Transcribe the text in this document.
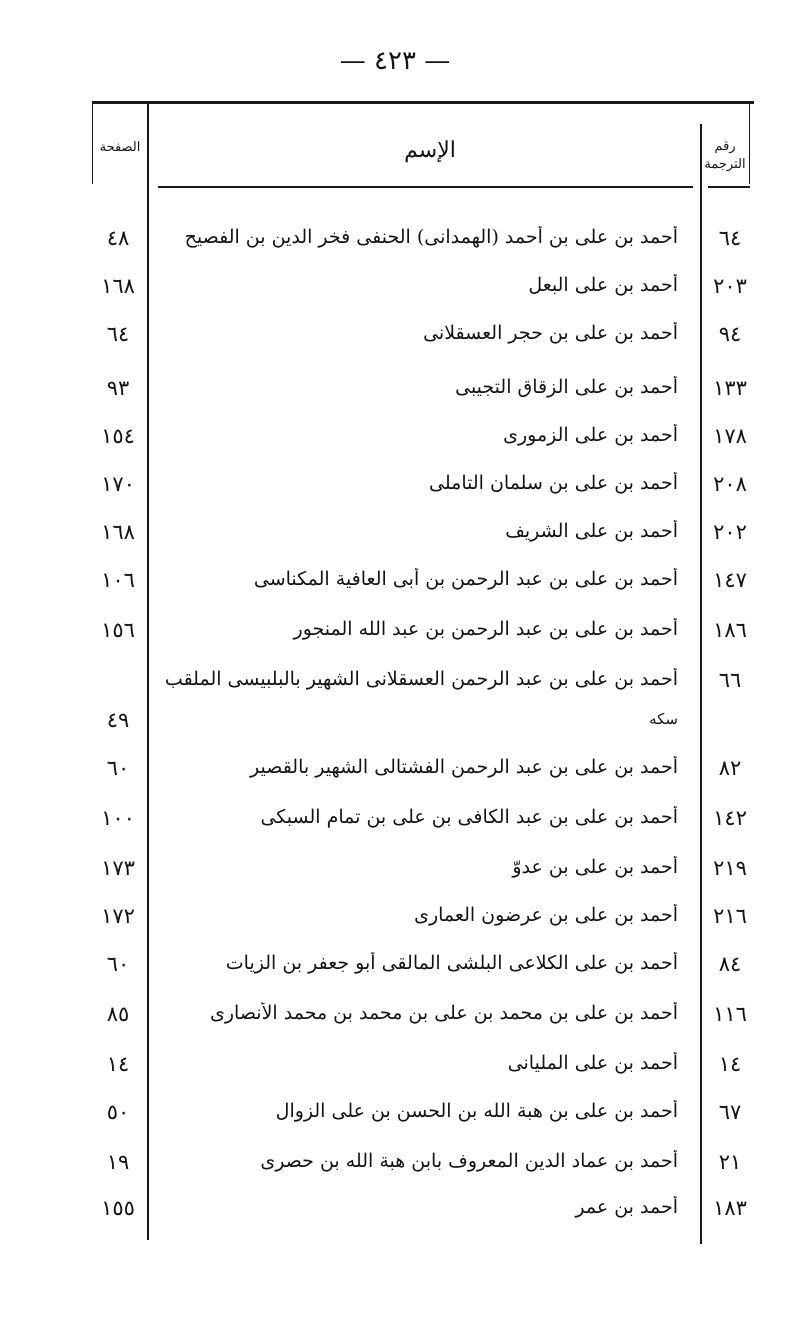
— ٤٢٣ —
رقم
الترجمة
الإسم
الصفحة
٦٤
أحمد بن على بن أحمد (الهمدانى) الحنفى فخر الدين بن الفصيح
٤٨
٢٠٣
أحمد بن على البعل
١٦٨
٩٤
أحمد بن على بن حجر العسقلانى
٦٤
١٣٣
أحمد بن على الزقاق التجيبى
٩٣
١٧٨
أحمد بن على الزمورى
١٥٤
٢٠٨
أحمد بن على بن سلمان التاملى
١٧٠
٢٠٢
أحمد بن على الشريف
١٦٨
١٤٧
أحمد بن على بن عبد الرحمن بن أبى العافية المكناسى
١٠٦
١٨٦
أحمد بن على بن عبد الرحمن بن عبد الله المنجور
١٥٦
٦٦
أحمد بن على بن عبد الرحمن العسقلانى الشهير بالبلبيسى الملقب
٤٩	سكه
٨٢
أحمد بن على بن عبد الرحمن الفشتالى الشهير بالقصير
٦٠
١٤٢
أحمد بن على بن عبد الكافى بن على بن تمام السبكى
١٠٠
٢١٩
أحمد بن على بن عدوّ
١٧٣
٢١٦
أحمد بن على بن عرضون العمارى
١٧٢
٨٤
أحمد بن على الكلاعى البلشى المالقى أبو جعفر بن الزيات
٦٠
١١٦
أحمد بن على بن محمد بن على بن محمد بن محمد الأنصارى
٨٥
١٤
أحمد بن على المليانى
١٤
٦٧
أحمد بن على بن هبة الله بن الحسن بن على الزوال
٥٠
٢١
أحمد بن عماد الدين المعروف بابن هبة الله بن حصرى
١٩
١٨٣
أحمد بن عمر
١٥٥
